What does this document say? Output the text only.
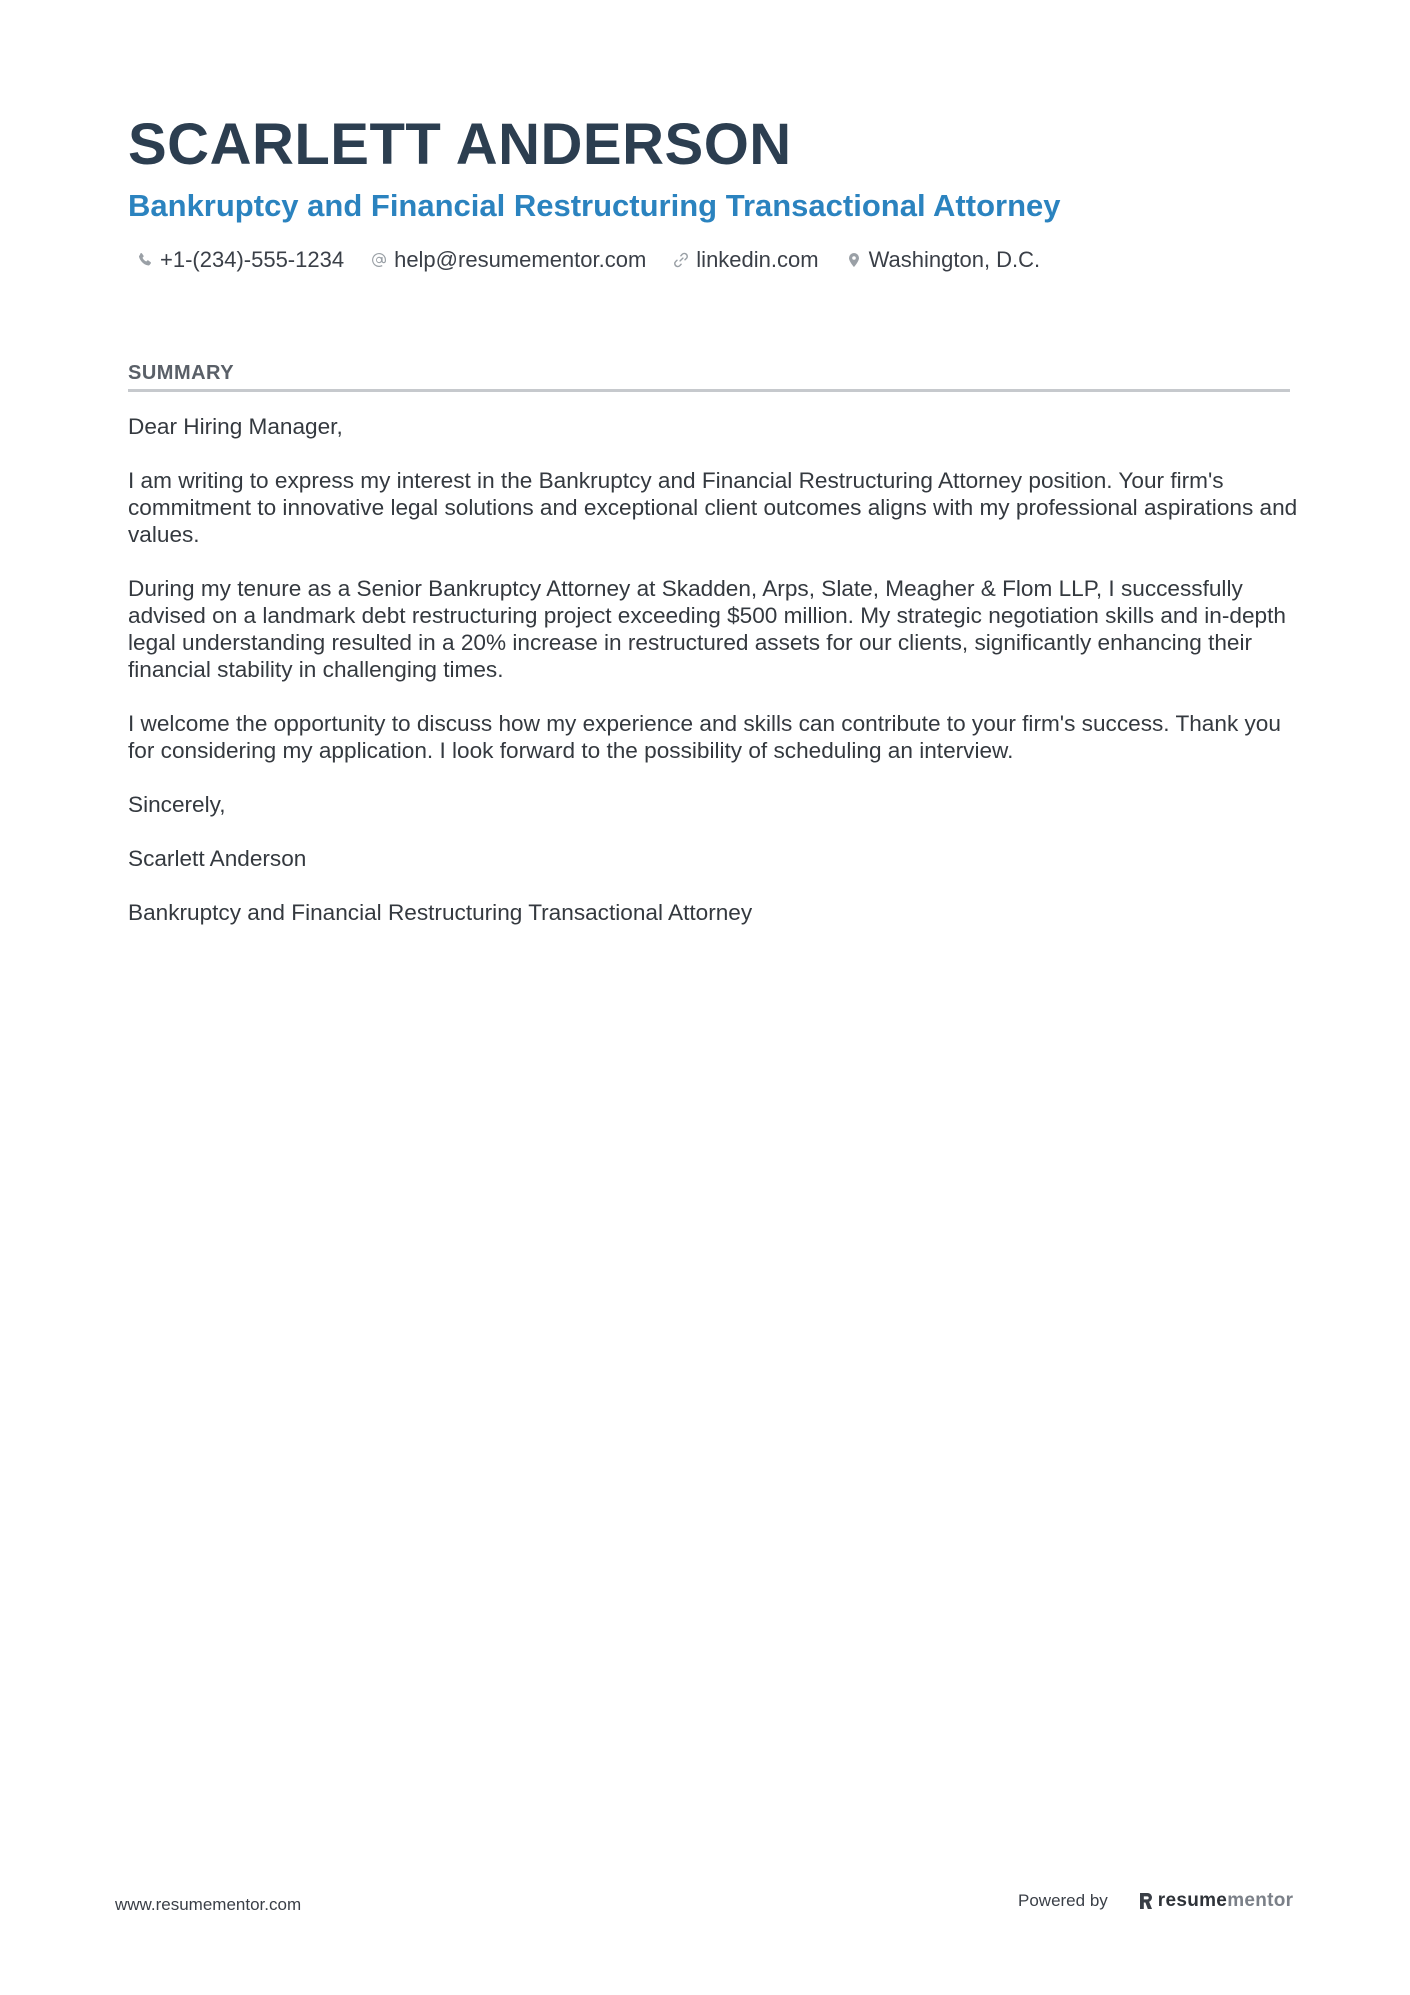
SCARLETT ANDERSON
Bankruptcy and Financial Restructuring Transactional Attorney
+1-(234)-555-1234 help@resumementor.com linkedin.com Washington, D.C.
SUMMARY

Dear Hiring Manager,

I am writing to express my interest in the Bankruptcy and Financial Restructuring Attorney position. Your firm's commitment to innovative legal solutions and exceptional client outcomes aligns with my professional aspirations and values.

During my tenure as a Senior Bankruptcy Attorney at Skadden, Arps, Slate, Meagher & Flom LLP, I successfully advised on a landmark debt restructuring project exceeding $500 million. My strategic negotiation skills and in-depth legal understanding resulted in a 20% increase in restructured assets for our clients, significantly enhancing their financial stability in challenging times.

I welcome the opportunity to discuss how my experience and skills can contribute to your firm's success. Thank you for considering my application. I look forward to the possibility of scheduling an interview.

Sincerely,

Scarlett Anderson

Bankruptcy and Financial Restructuring Transactional Attorney

www.resumementor.com	Powered by	resumementor
